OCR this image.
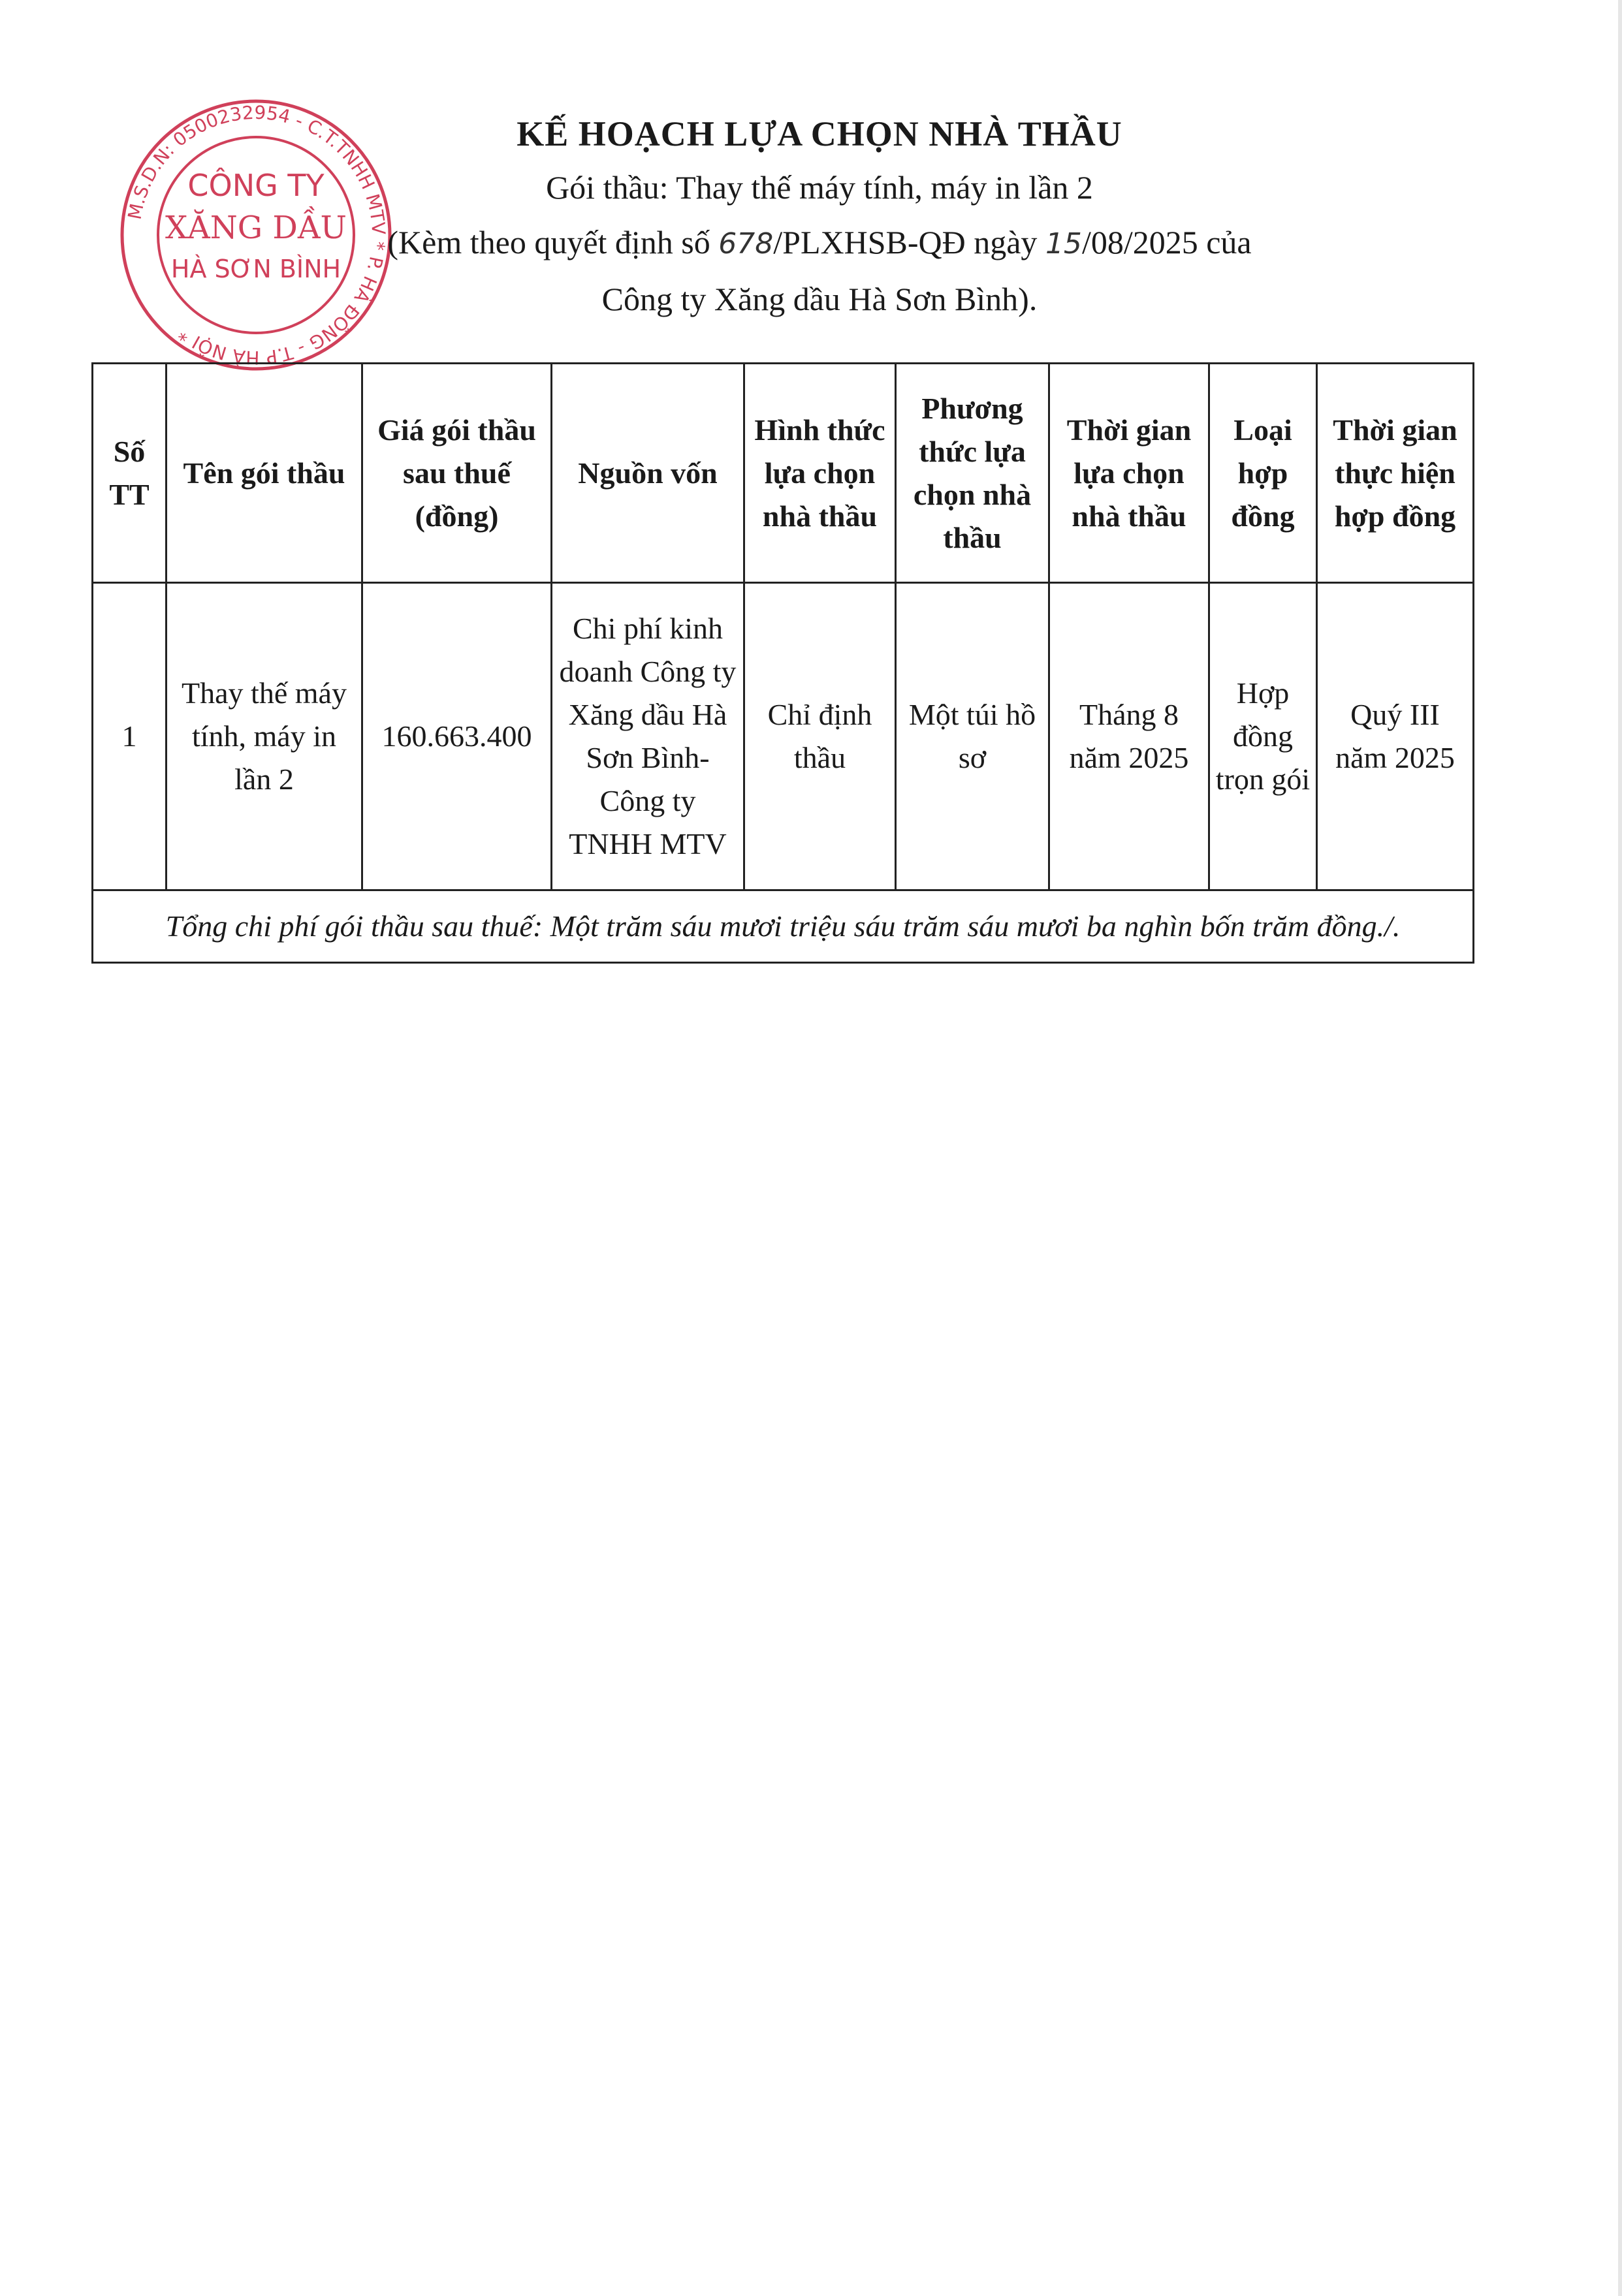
M.S.D.N: 0500232954 - C.T.TNHH MTV * P. HÀ ĐÔNG - T.P HÀ NỘI *
CÔNG TY
XĂNG DẦU
HÀ SƠN BÌNH
KẾ HOẠCH LỰA CHỌN NHÀ THẦU
Gói thầu: Thay thế máy tính, máy in lần 2
(Kèm theo quyết định số 678/PLXHSB-QĐ ngày 15/08/2025 của
Công ty Xăng dầu Hà Sơn Bình).
Số TT	Tên gói thầu	Giá gói thầu sau thuế (đồng)	Nguồn vốn	Hình thức lựa chọn nhà thầu	Phương thức lựa chọn nhà thầu	Thời gian lựa chọn nhà thầu	Loại hợp đồng	Thời gian thực hiện hợp đồng
1	Thay thế máy tính, máy in lần 2	160.663.400	Chi phí kinh doanh Công ty Xăng dầu Hà Sơn Bình- Công ty TNHH MTV	Chỉ định thầu	Một túi hồ sơ	Tháng 8 năm 2025	Hợp đồng trọn gói	Quý III năm 2025
Tổng chi phí gói thầu sau thuế: Một trăm sáu mươi triệu sáu trăm sáu mươi ba nghìn bốn trăm đồng./.								
